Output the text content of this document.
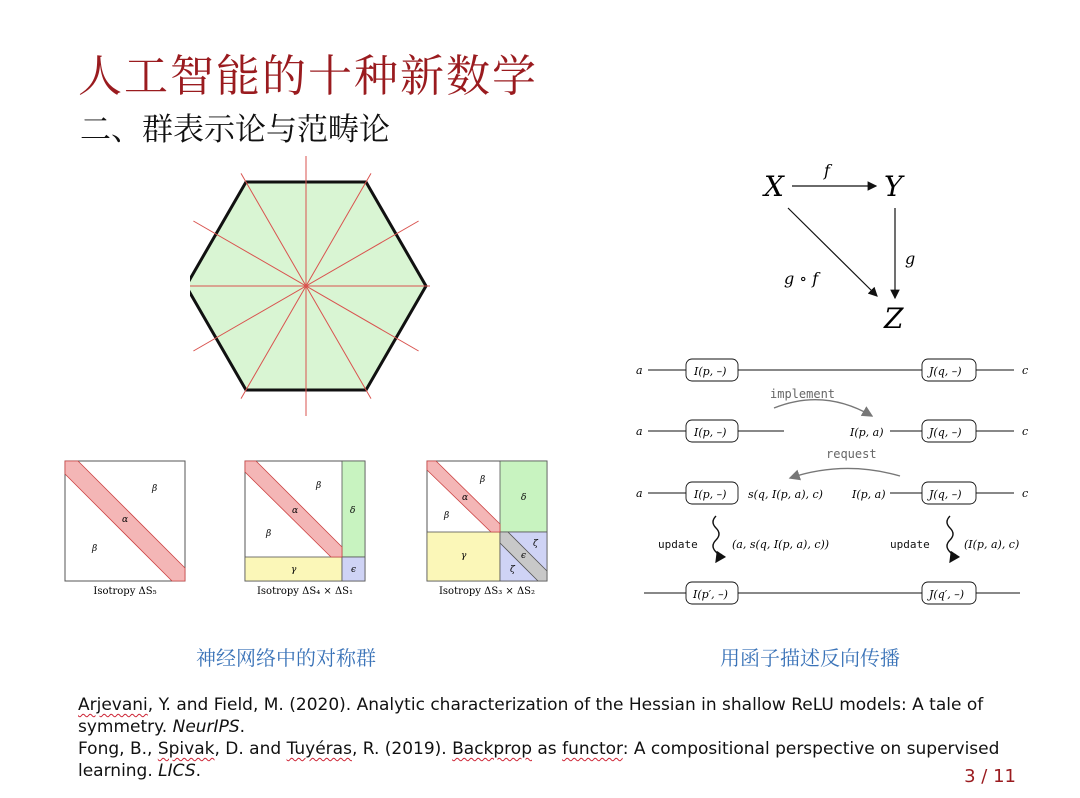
人工智能的十种新数学
二、群表示论与范畴论
β
α
β
Isotropy ΔS₅
β
α
β
δ
γ	ϵ
Isotropy ΔS₄ × ΔS₁
β
α
β
δ
γ	ϵ
ζ
ζ
Isotropy ΔS₃ × ΔS₂
神经网络中的对称群
X	Y
Z
f
g
g ∘ f
a	I(p, –)	J(q, –)	c
a	I(p, –)	I(p, a)	J(q, –)	c
a	I(p, –) s(q, I(p, a), c)	I(p, a)	J(q, –)	c
(a, s(q, I(p, a), c))	(I(p, a), c)
I(p′, –)	J(q′, –)
implement
request
update	update
用函子描述反向传播
Arjevani, Y. and Field, M. (2020). Analytic characterization of the Hessian in shallow ReLU models: A tale of symmetry. NeurIPS.
Fong, B., Spivak, D. and Tuyéras, R. (2019). Backprop as functor: A compositional perspective on supervised learning. LICS.	3 / 11
